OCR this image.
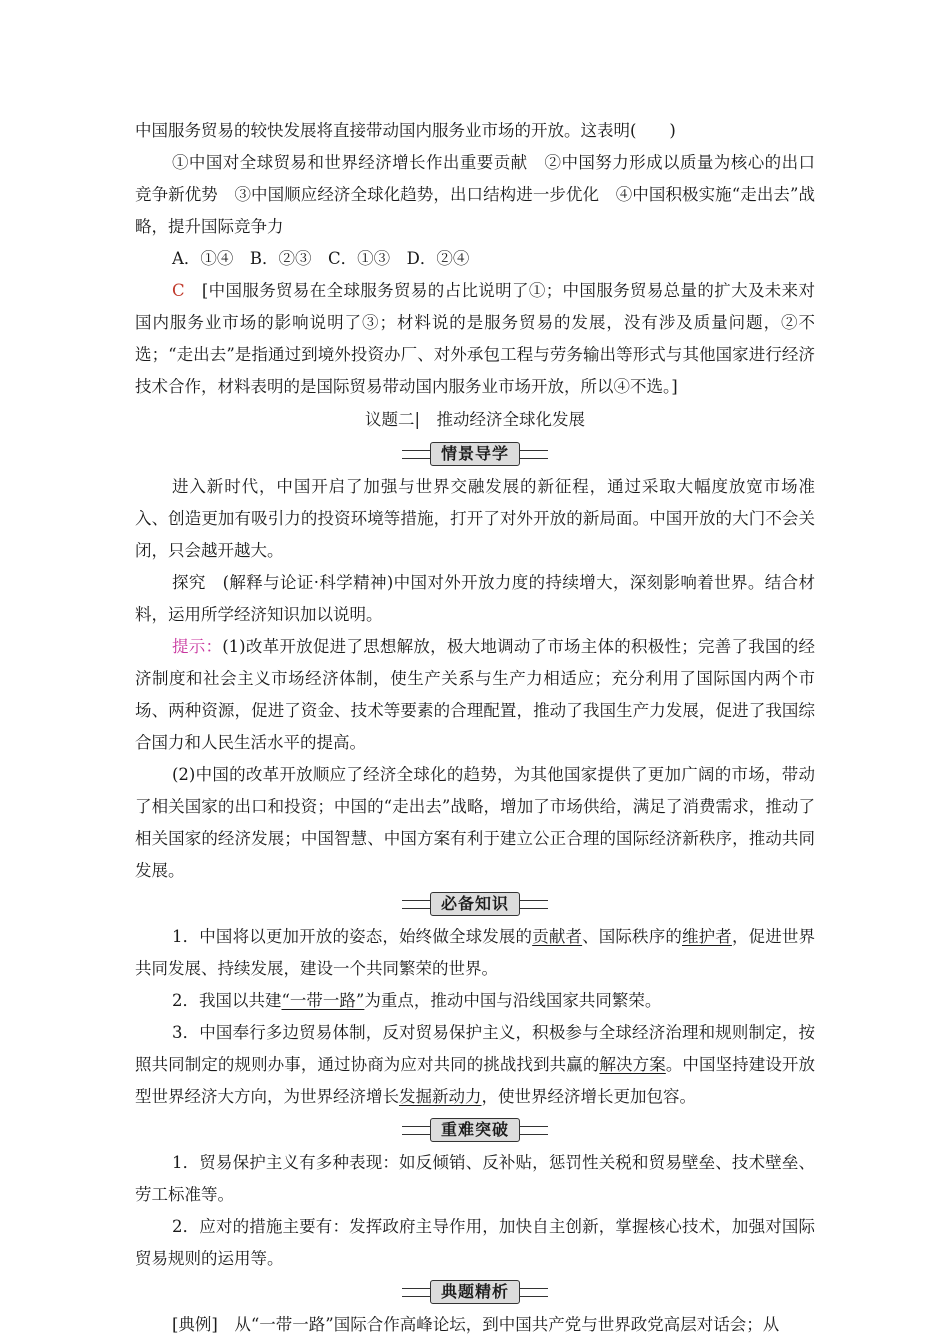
中国服务贸易的较快发展将直接带动国内服务业市场的开放。这表明(　　)

①中国对全球贸易和世界经济增长作出重要贡献　②中国努力形成以质量为核心的出口竞争新优势　③中国顺应经济全球化趋势，出口结构进一步优化　④中国积极实施“走出去”战略，提升国际竞争力

A．①④　B．②③　C．①③　D．②④

C　 [中国服务贸易在全球服务贸易的占比说明了①；中国服务贸易总量的扩大及未来对国内服务业市场的影响说明了③；材料说的是服务贸易的发展，没有涉及质量问题，②不选；“走出去”是指通过到境外投资办厂、对外承包工程与劳务输出等形式与其他国家进行经济技术合作，材料表明的是国际贸易带动国内服务业市场开放，所以④不选。]

议题二|　推动经济全球化发展

情景导学

进入新时代，中国开启了加强与世界交融发展的新征程，通过采取大幅度放宽市场准入、创造更加有吸引力的投资环境等措施，打开了对外开放的新局面。中国开放的大门不会关闭，只会越开越大。

探究　(解释与论证·科学精神)中国对外开放力度的持续增大，深刻影响着世界。结合材料，运用所学经济知识加以说明。

提示：(1)改革开放促进了思想解放，极大地调动了市场主体的积极性；完善了我国的经济制度和社会主义市场经济体制，使生产关系与生产力相适应；充分利用了国际国内两个市场、两种资源，促进了资金、技术等要素的合理配置，推动了我国生产力发展，促进了我国综合国力和人民生活水平的提高。

(2)中国的改革开放顺应了经济全球化的趋势，为其他国家提供了更加广阔的市场，带动了相关国家的出口和投资；中国的“走出去”战略，增加了市场供给，满足了消费需求，推动了相关国家的经济发展；中国智慧、中国方案有利于建立公正合理的国际经济新秩序，推动共同发展。

必备知识

1．中国将以更加开放的姿态，始终做全球发展的贡献者、国际秩序的维护者，促进世界共同发展、持续发展，建设一个共同繁荣的世界。

2．我国以共建“一带一路”为重点，推动中国与沿线国家共同繁荣。

3．中国奉行多边贸易体制，反对贸易保护主义，积极参与全球经济治理和规则制定，按照共同制定的规则办事，通过协商为应对共同的挑战找到共赢的解决方案。中国坚持建设开放型世界经济大方向，为世界经济增长发掘新动力，使世界经济增长更加包容。

重难突破

1．贸易保护主义有多种表现：如反倾销、反补贴，惩罚性关税和贸易壁垒、技术壁垒、劳工标准等。

2．应对的措施主要有：发挥政府主导作用，加快自主创新，掌握核心技术，加强对国际贸易规则的运用等。

典题精析

[典例]　从“一带一路”国际合作高峰论坛，到中国共产党与世界政党高层对话会；从
